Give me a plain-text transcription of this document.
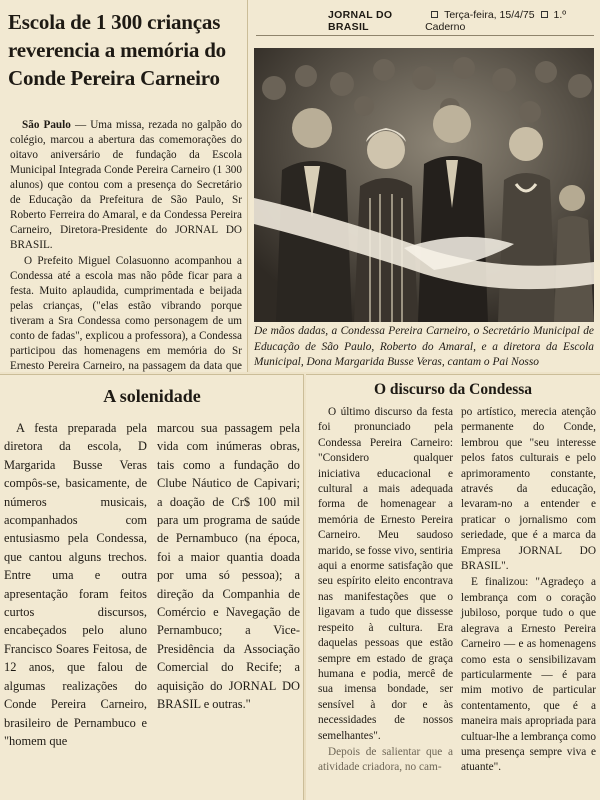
Escola de 1 300 crianças reverencia a memória do Conde Pereira Carneiro

São Paulo — Uma missa, rezada no galpão do colégio, marcou a abertura das comemorações do oitavo aniversário de fundação da Escola Municipal Integrada Conde Pereira Carneiro (1 300 alunos) que contou com a presença do Secretário de Educação da Prefeitura de São Paulo, Sr Roberto Ferreira do Amaral, e da Condessa Pereira Carneiro, Diretora-Presidente do JORNAL DO BRASIL.

O Prefeito Miguel Colasuonno acompanhou a Condessa até a escola mas não pôde ficar para a festa. Muito aplaudida, cumprimentada e beijada pelas crianças, ("elas estão vibrando porque tiveram a Sra Condessa como personagem de um conto de fadas", explicou a professora), a Condessa participou das homenagens em memória do Sr Ernesto Pereira Carneiro, na passagem da data que

JORNAL DO BRASIL
Terça-feira, 15/4/75 1.º Caderno

De mãos dadas, a Condessa Pereira Carneiro, o Secretário Municipal de Educação de São Paulo, Roberto do Amaral, e a diretora da Escola Municipal, Dona Margarida Busse Veras, cantam o Pai Nosso

A solenidade

A festa preparada pela diretora da escola, D Margarida Busse Veras compôs-se, basicamente, de números musicais, acompanhados com entusiasmo pela Condessa, que cantou alguns trechos. Entre uma e outra apresentação foram feitos curtos discursos, encabeçados pelo aluno Francisco Soares Feitosa, de 12 anos, que falou de algumas realizações do Conde Pereira Carneiro, brasileiro de Pernambuco e "homem que

marcou sua passagem pela vida com inúmeras obras, tais como a fundação do Clube Náutico de Capivari; a doação de Cr$ 100 mil para um programa de saúde de Pernambuco (na época, foi a maior quantia doada por uma só pessoa); a direção da Companhia de Comércio e Navegação de Pernambuco; a Vice-Presidência da Associação Comercial do Recife; a aquisição do JORNAL DO BRASIL e outras."

O discurso da Condessa

O último discurso da festa foi pronunciado pela Condessa Pereira Carneiro: "Considero qualquer iniciativa educacional e cultural a mais adequada forma de homenagear a memória de Ernesto Pereira Carneiro. Meu saudoso marido, se fosse vivo, sentiria aqui a enorme satisfação que seu espírito eleito encontrava nas manifestações que o ligavam a tudo que dissesse respeito à cultura. Era daquelas pessoas que estão sempre em estado de graça humana e podia, mercê de sua imensa bondade, ser sensível à dor e às necessidades de nossos semelhantes".

Depois de salientar que a atividade criadora, no cam-

po artístico, merecia atenção permanente do Conde, lembrou que "seu interesse pelos fatos culturais e pelo aprimoramento constante, através da educação, levaram-no a entender e praticar o jornalismo com seriedade, que é a marca da Empresa JORNAL DO BRASIL".

E finalizou: "Agradeço a lembrança com o coração jubiloso, porque tudo o que alegrava a Ernesto Pereira Carneiro — e as homenagens como esta o sensibilizavam particularmente — é para mim motivo de particular contentamento, que é a maneira mais apropriada para cultuar-lhe a lembrança como uma presença sempre viva e atuante".
